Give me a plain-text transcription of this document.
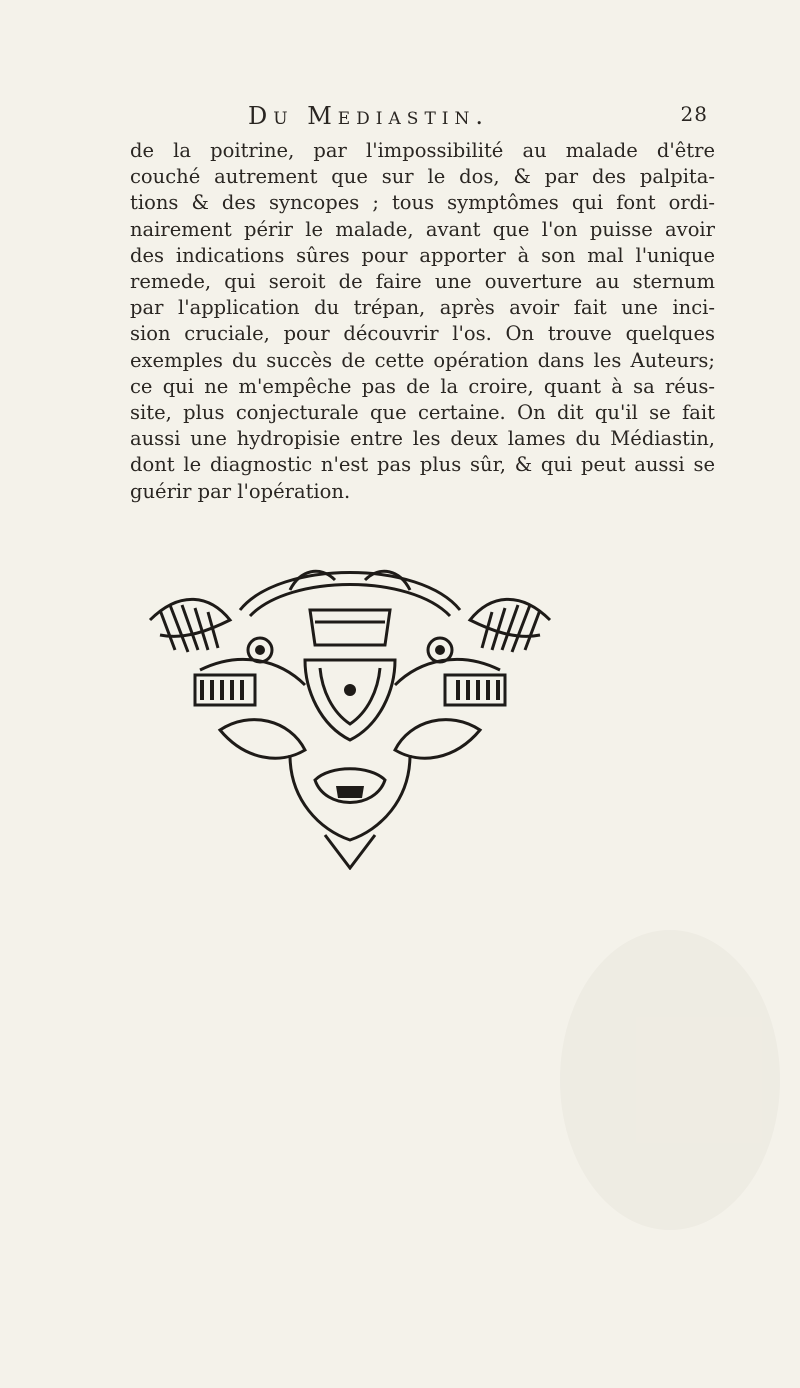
Du Mediastin.	28
de la poitrine, par l'impossibilité au malade d'être
couché autrement que sur le dos, & par des palpita-
tions & des syncopes ; tous symptômes qui font ordi-
nairement périr le malade, avant que l'on puisse avoir
des indications sûres pour apporter à son mal l'unique
remede, qui seroit de faire une ouverture au sternum
par l'application du trépan, après avoir fait une inci-
sion cruciale, pour découvrir l'os. On trouve quelques
exemples du succès de cette opération dans les Auteurs;
ce qui ne m'empêche pas de la croire, quant à sa réus-
site, plus conjecturale que certaine. On dit qu'il se fait
aussi une hydropisie entre les deux lames du Médiastin,
dont le diagnostic n'est pas plus sûr, & qui peut aussi se
guérir par l'opération.
